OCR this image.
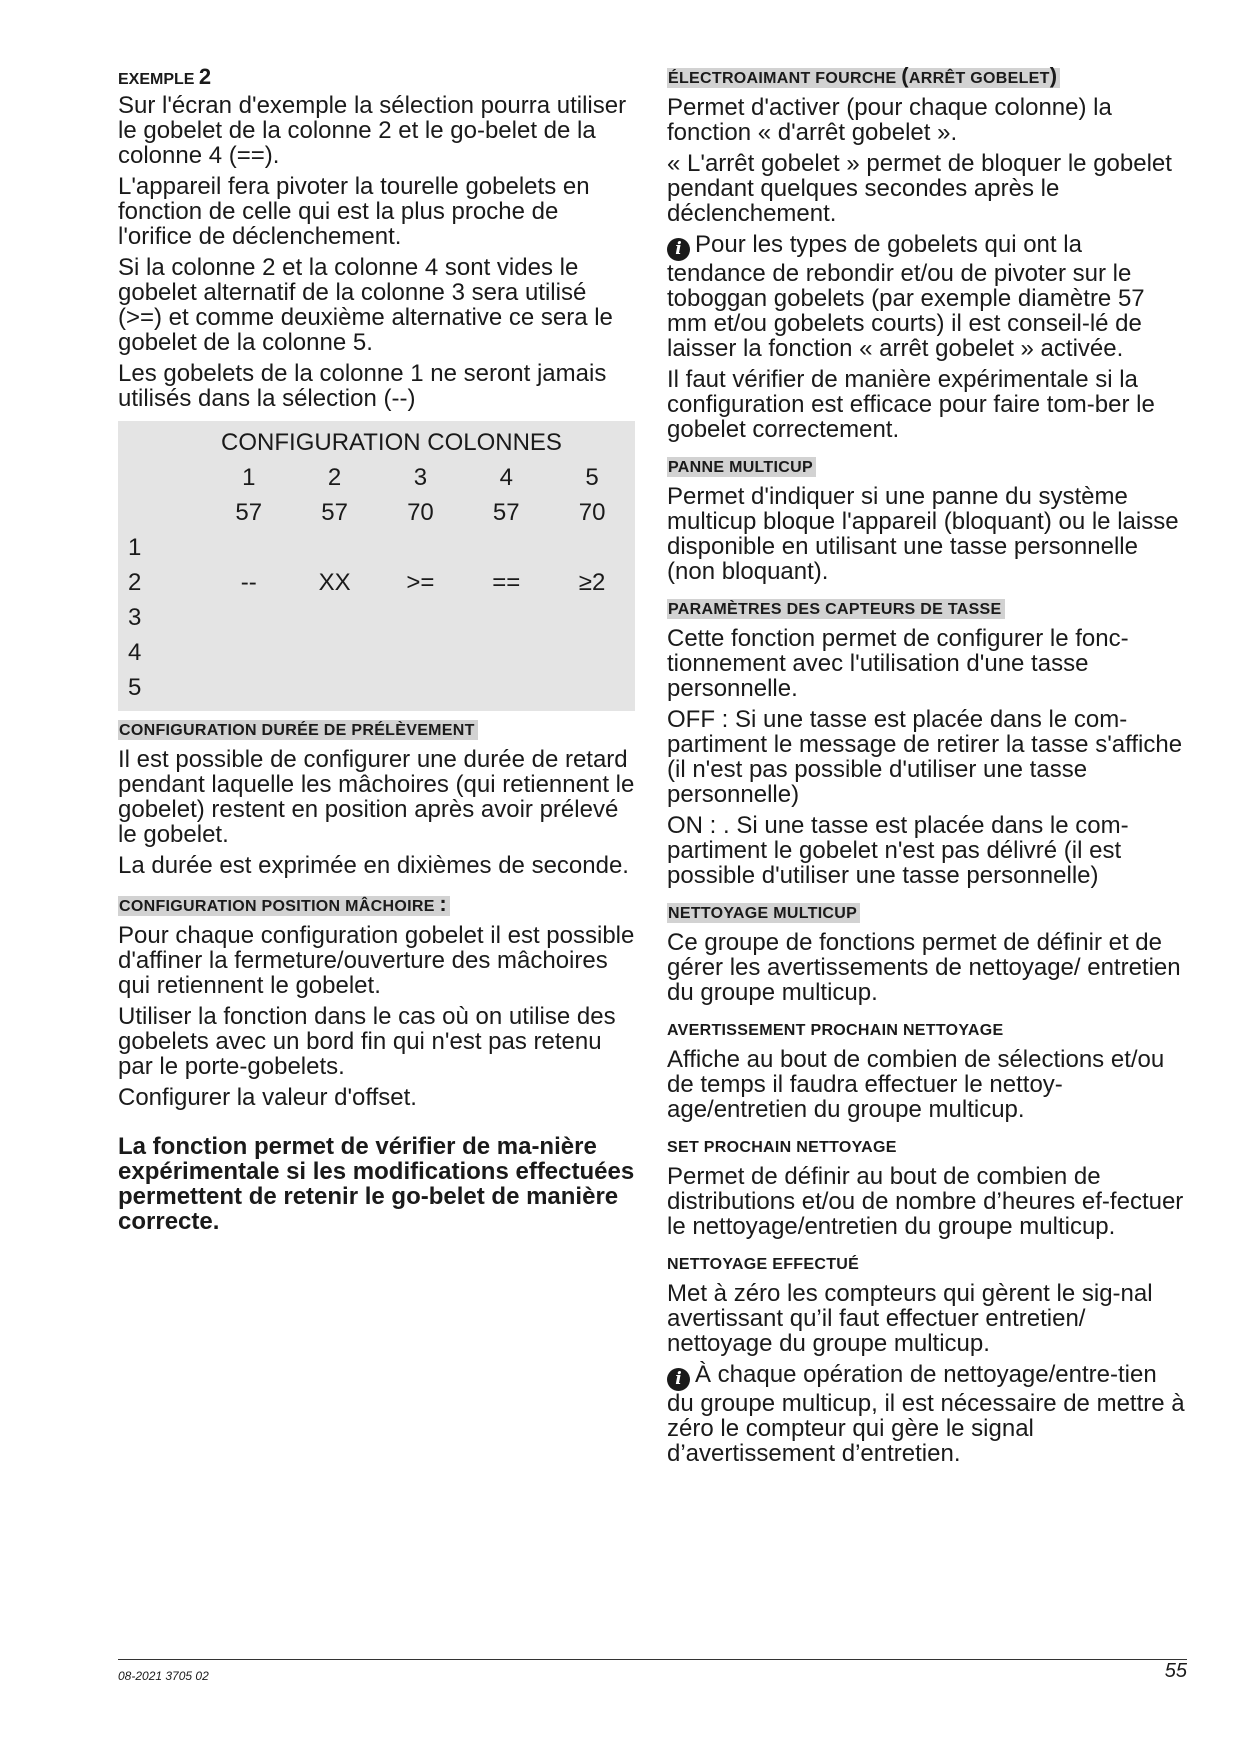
EXEMPLE 2

Sur l'écran d'exemple la sélection pourra utiliser le gobelet de la colonne 2 et le go-belet de la colonne 4 (==).

L'appareil fera pivoter la tourelle gobelets en fonction de celle qui est la plus proche de l'orifice de déclenchement.

Si la colonne 2 et la colonne 4 sont vides le gobelet alternatif de la colonne 3 sera utilisé (>=) et comme deuxième alternative ce sera le gobelet de la colonne 5.

Les gobelets de la colonne 1 ne seront jamais utilisés dans la sélection (--)

CONFIGURATION COLONNES
1	2	3	4	5
57	57	70	57	70
1
2	--	XX	>=	==	≥2
3
4
5
CONFIGURATION DURÉE DE PRÉLÈVEMENT

Il est possible de configurer une durée de retard pendant laquelle les mâchoires (qui retiennent le gobelet) restent en position après avoir prélevé le gobelet.

La durée est exprimée en dixièmes de seconde.

CONFIGURATION POSITION MÂCHOIRE :

Pour chaque configuration gobelet il est possible d'affiner la fermeture/ouverture des mâchoires qui retiennent le gobelet.

Utiliser la fonction dans le cas où on utilise des gobelets avec un bord fin qui n'est pas retenu par le porte-gobelets.

Configurer la valeur d'offset.

La fonction permet de vérifier de ma-nière expérimentale si les modifications effectuées permettent de retenir le go-belet de manière correcte.
ÉLECTROAIMANT FOURCHE (ARRÊT GOBELET)

Permet d'activer (pour chaque colonne) la fonction « d'arrêt gobelet ».

« L'arrêt gobelet » permet de bloquer le gobelet pendant quelques secondes après le déclenchement.

i Pour les types de gobelets qui ont la tendance de rebondir et/ou de pivoter sur le toboggan gobelets (par exemple diamètre 57 mm et/ou gobelets courts) il est conseil-lé de laisser la fonction « arrêt gobelet » activée.

Il faut vérifier de manière expérimentale si la configuration est efficace pour faire tom-ber le gobelet correctement.

PANNE MULTICUP

Permet d'indiquer si une panne du système multicup bloque l'appareil (bloquant) ou le laisse disponible en utilisant une tasse personnelle (non bloquant).

PARAMÈTRES DES CAPTEURS DE TASSE

Cette fonction permet de configurer le fonc-tionnement avec l'utilisation d'une tasse personnelle.

OFF : Si une tasse est placée dans le com-partiment le message de retirer la tasse s'affiche (il n'est pas possible d'utiliser une tasse personnelle)

ON : . Si une tasse est placée dans le com-partiment le gobelet n'est pas délivré (il est possible d'utiliser une tasse personnelle)

NETTOYAGE MULTICUP

Ce groupe de fonctions permet de définir et de gérer les avertissements de nettoyage/ entretien du groupe multicup.

AVERTISSEMENT PROCHAIN NETTOYAGE

Affiche au bout de combien de sélections et/ou de temps il faudra effectuer le nettoy-age/entretien du groupe multicup.

SET PROCHAIN NETTOYAGE

Permet de définir au bout de combien de distributions et/ou de nombre d’heures ef-fectuer le nettoyage/entretien du groupe multicup.

NETTOYAGE EFFECTUÉ

Met à zéro les compteurs qui gèrent le sig-nal avertissant qu’il faut effectuer entretien/ nettoyage du groupe multicup.

i À chaque opération de nettoyage/entre-tien du groupe multicup, il est nécessaire de mettre à zéro le compteur qui gère le signal d’avertissement d’entretien.

08-2021 3705 02	55
